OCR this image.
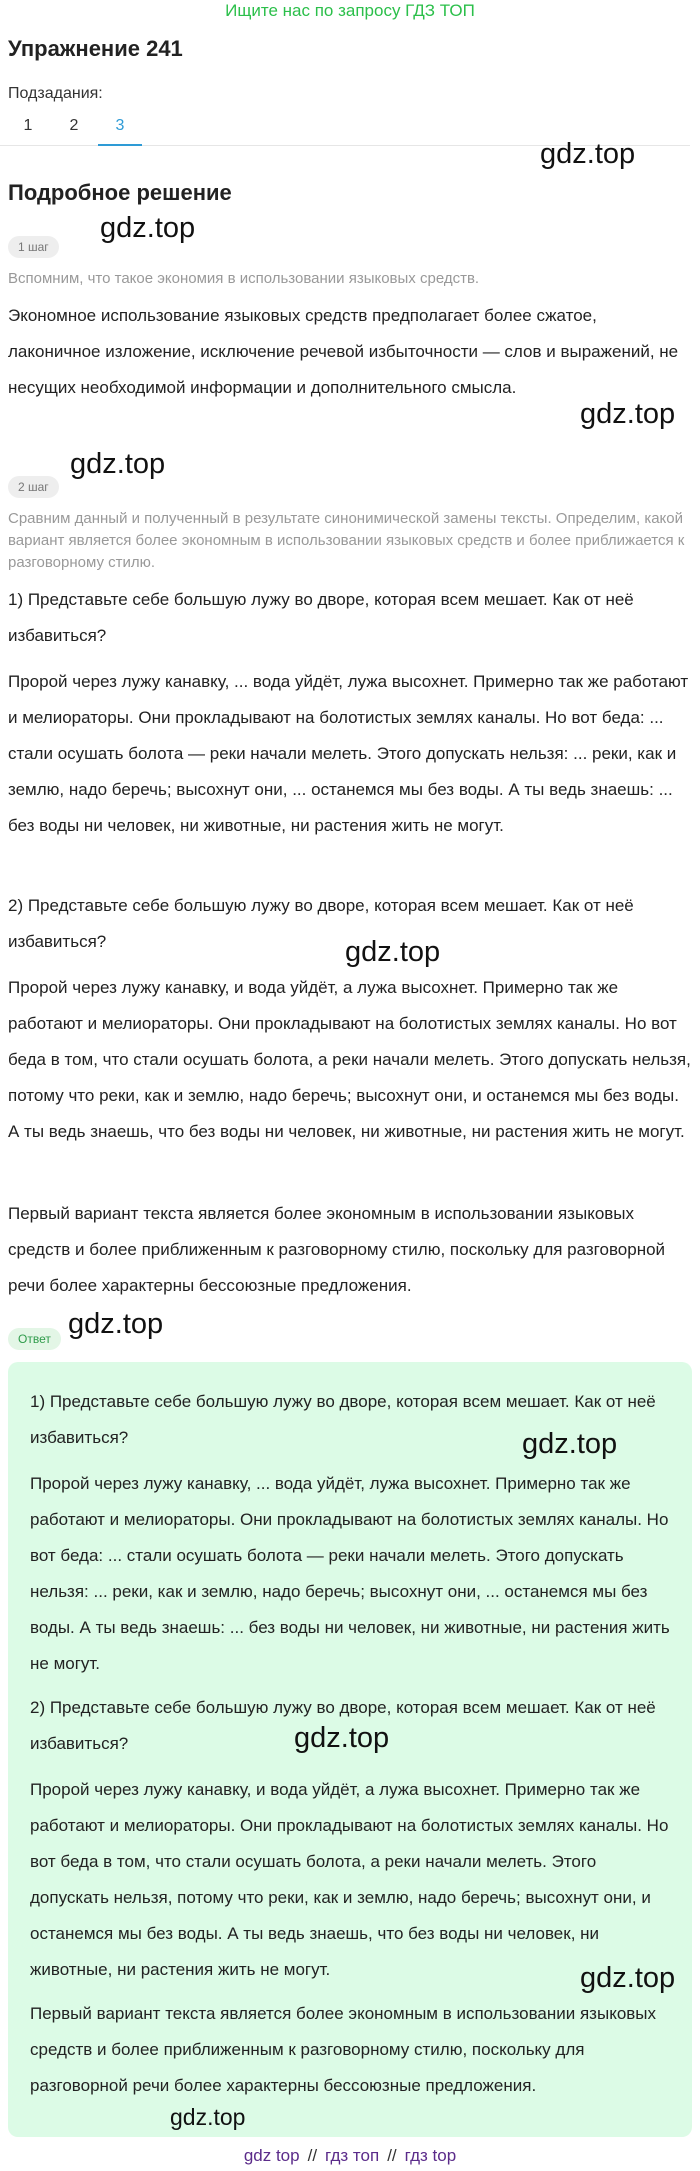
Ищите нас по запросу ГДЗ ТОП
Упражнение 241
Подзадания:
1	2	3
gdz.top
Подробное решение
1 шаг
gdz.top
Вспомним, что такое экономия в использовании языковых средств.
Экономное использование языковых средств предполагает более сжатое, лаконичное изложение, исключение речевой избыточности — слов и выражений, не несущих необходимой информации и дополнительного смысла.
gdz.top
2 шаг
gdz.top
Сравним данный и полученный в результате синонимической замены тексты. Определим, какой вариант является более экономным в использовании языковых средств и более приближается к разговорному стилю.
1) Представьте себе большую лужу во дворе, которая всем мешает. Как от неё избавиться?
Пророй через лужу канавку, ... вода уйдёт, лужа высохнет. Примерно так же работают и мелиораторы. Они прокладывают на болотистых землях каналы. Но вот беда: ... стали осушать болота — реки начали мелеть. Этого допускать нельзя: ... реки, как и землю, надо беречь; высохнут они, ... останемся мы без воды. А ты ведь знаешь: ... без воды ни человек, ни животные, ни растения жить не могут.
2) Представьте себе большую лужу во дворе, которая всем мешает. Как от неё избавиться?	gdz.top
Пророй через лужу канавку, и вода уйдёт, а лужа высохнет. Примерно так же работают и мелиораторы. Они прокладывают на болотистых землях каналы. Но вот беда в том, что стали осушать болота, а реки начали мелеть. Этого допускать нельзя, потому что реки, как и землю, надо беречь; высохнут они, и останемся мы без воды. А ты ведь знаешь, что без воды ни человек, ни животные, ни растения жить не могут.
Первый вариант текста является более экономным в использовании языковых средств и более приближенным к разговорному стилю, поскольку для разговорной речи более характерны бессоюзные предложения.
Ответ gdz.top
1) Представьте себе большую лужу во дворе, которая всем мешает. Как от неё избавиться?	gdz.top
Пророй через лужу канавку, ... вода уйдёт, лужа высохнет. Примерно так же работают и мелиораторы. Они прокладывают на болотистых землях каналы. Но вот беда: ... стали осушать болота — реки начали мелеть. Этого допускать нельзя: ... реки, как и землю, надо беречь; высохнут они, ... останемся мы без воды. А ты ведь знаешь: ... без воды ни человек, ни животные, ни растения жить не могут.
2) Представьте себе большую лужу во дворе, которая всем мешает. Как от неё избавиться?	gdz.top
Пророй через лужу канавку, и вода уйдёт, а лужа высохнет. Примерно так же работают и мелиораторы. Они прокладывают на болотистых землях каналы. Но вот беда в том, что стали осушать болота, а реки начали мелеть. Этого допускать нельзя, потому что реки, как и землю, надо беречь; высохнут они, и останемся мы без воды. А ты ведь знаешь, что без воды ни человек, ни животные, ни растения жить не могут.	gdz.top
Первый вариант текста является более экономным в использовании языковых средств и более приближенным к разговорному стилю, поскольку для разговорной речи более характерны бессоюзные предложения.
gdz.top
gdz top // гдз топ // гдз top
